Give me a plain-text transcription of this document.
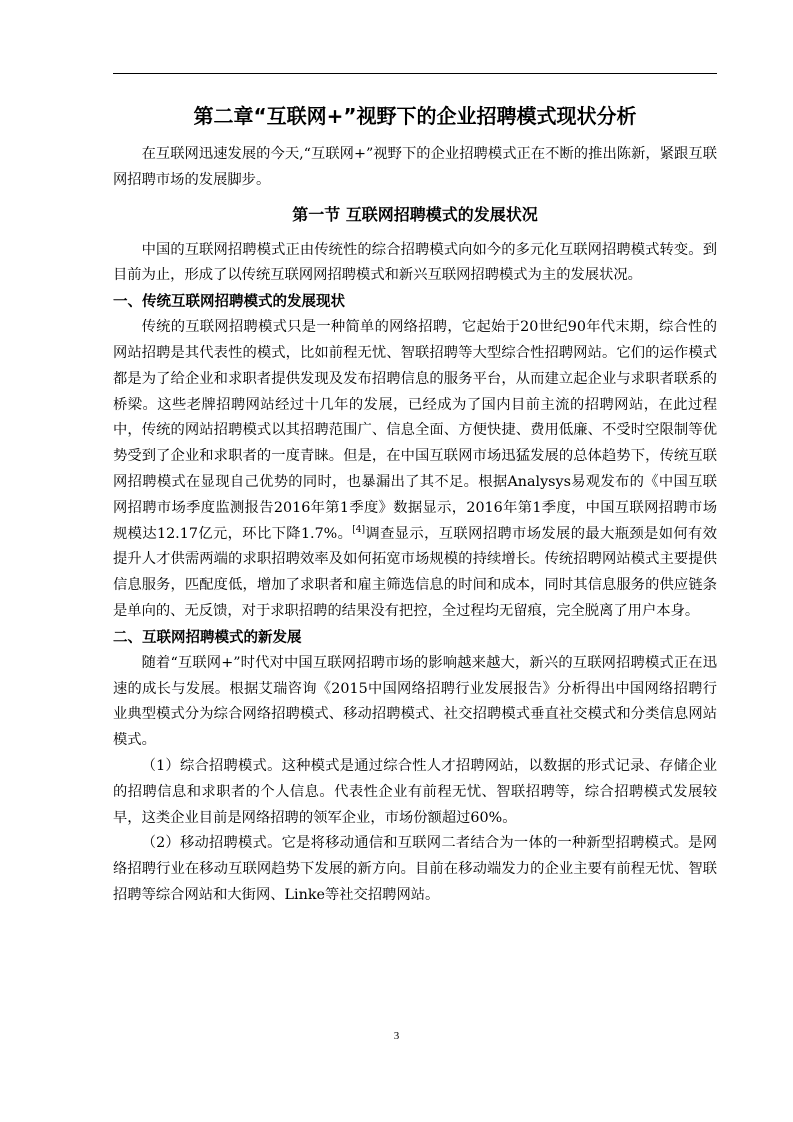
第二章“互联网+”视野下的企业招聘模式现状分析

在互联网迅速发展的今天,“互联网+”视野下的企业招聘模式正在不断的推出陈新，紧跟互联网招聘市场的发展脚步。

第一节 互联网招聘模式的发展状况

中国的互联网招聘模式正由传统性的综合招聘模式向如今的多元化互联网招聘模式转变。到目前为止，形成了以传统互联网网招聘模式和新兴互联网招聘模式为主的发展状况。

一、传统互联网招聘模式的发展现状

传统的互联网招聘模式只是一种简单的网络招聘，它起始于20世纪90年代末期，综合性的网站招聘是其代表性的模式，比如前程无忧、智联招聘等大型综合性招聘网站。它们的运作模式都是为了给企业和求职者提供发现及发布招聘信息的服务平台，从而建立起企业与求职者联系的桥梁。这些老牌招聘网站经过十几年的发展，已经成为了国内目前主流的招聘网站，在此过程中，传统的网站招聘模式以其招聘范围广、信息全面、方便快捷、费用低廉、不受时空限制等优势受到了企业和求职者的一度青睐。但是，在中国互联网市场迅猛发展的总体趋势下，传统互联网招聘模式在显现自己优势的同时，也暴漏出了其不足。根据Analysys易观发布的《中国互联网招聘市场季度监测报告2016年第1季度》数据显示，2016年第1季度，中国互联网招聘市场规模达12.17亿元，环比下降1.7%。[4]调查显示，互联网招聘市场发展的最大瓶颈是如何有效提升人才供需两端的求职招聘效率及如何拓宽市场规模的持续增长。传统招聘网站模式主要提供信息服务，匹配度低，增加了求职者和雇主筛选信息的时间和成本，同时其信息服务的供应链条是单向的、无反馈，对于求职招聘的结果没有把控，全过程均无留痕，完全脱离了用户本身。

二、互联网招聘模式的新发展

随着“互联网+”时代对中国互联网招聘市场的影响越来越大，新兴的互联网招聘模式正在迅速的成长与发展。根据艾瑞咨询《2015中国网络招聘行业发展报告》分析得出中国网络招聘行业典型模式分为综合网络招聘模式、移动招聘模式、社交招聘模式垂直社交模式和分类信息网站模式。

（1）综合招聘模式。这种模式是通过综合性人才招聘网站，以数据的形式记录、存储企业的招聘信息和求职者的个人信息。代表性企业有前程无忧、智联招聘等，综合招聘模式发展较早，这类企业目前是网络招聘的领军企业，市场份额超过60%。

（2）移动招聘模式。它是将移动通信和互联网二者结合为一体的一种新型招聘模式。是网络招聘行业在移动互联网趋势下发展的新方向。目前在移动端发力的企业主要有前程无忧、智联招聘等综合网站和大街网、Linke等社交招聘网站。

3
